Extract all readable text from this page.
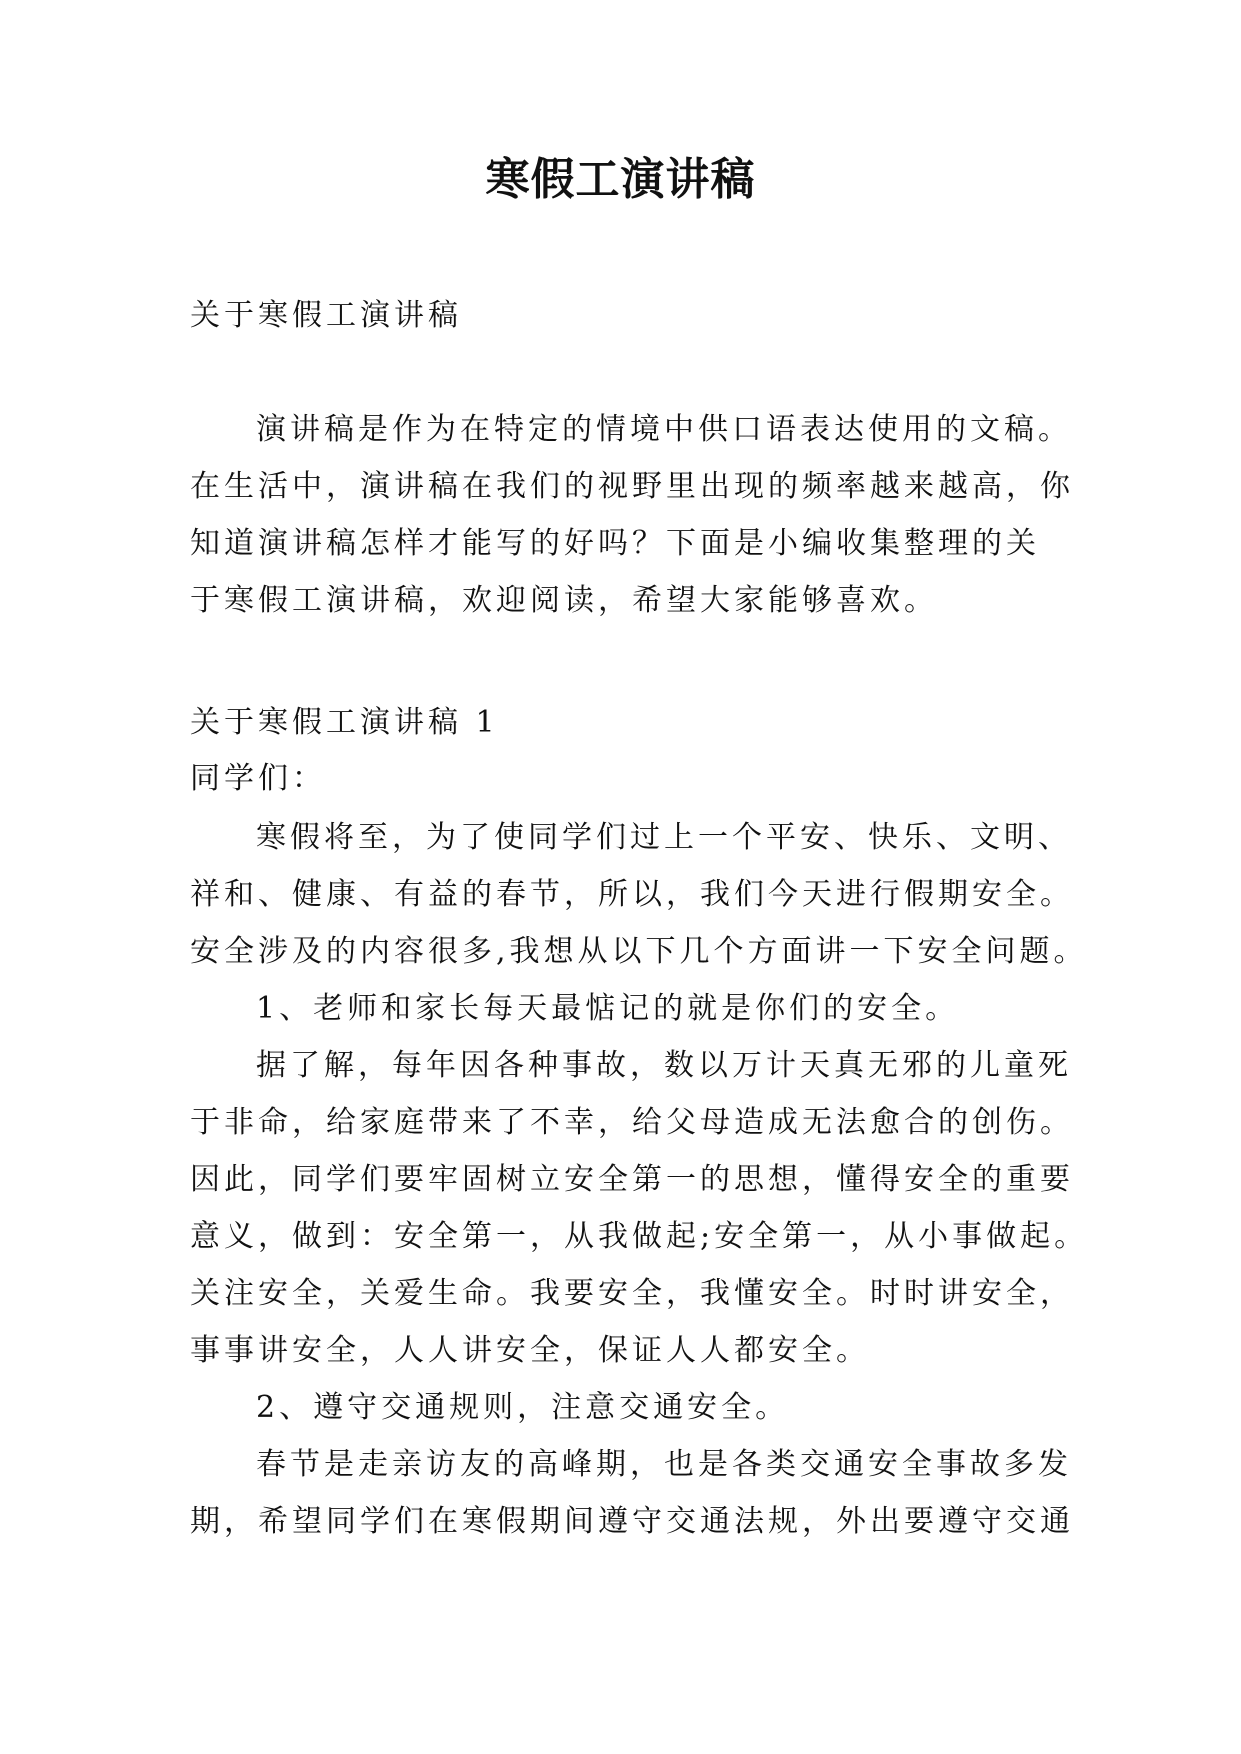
寒假工演讲稿
关于寒假工演讲稿
演讲稿是作为在特定的情境中供口语表达使用的文稿。
在生活中，演讲稿在我们的视野里出现的频率越来越高，你
知道演讲稿怎样才能写的好吗？下面是小编收集整理的关
于寒假工演讲稿，欢迎阅读，希望大家能够喜欢。
关于寒假工演讲稿 1
同学们：
寒假将至，为了使同学们过上一个平安、快乐、文明、
祥和、健康、有益的春节，所以，我们今天进行假期安全。
安全涉及的内容很多,我想从以下几个方面讲一下安全问题。
1、老师和家长每天最惦记的就是你们的安全。
据了解，每年因各种事故，数以万计天真无邪的儿童死
于非命，给家庭带来了不幸，给父母造成无法愈合的创伤。
因此，同学们要牢固树立安全第一的思想，懂得安全的重要
意义，做到：安全第一，从我做起;安全第一，从小事做起。
关注安全，关爱生命。我要安全，我懂安全。时时讲安全，
事事讲安全，人人讲安全，保证人人都安全。
2、遵守交通规则，注意交通安全。
春节是走亲访友的高峰期，也是各类交通安全事故多发
期，希望同学们在寒假期间遵守交通法规，外出要遵守交通
